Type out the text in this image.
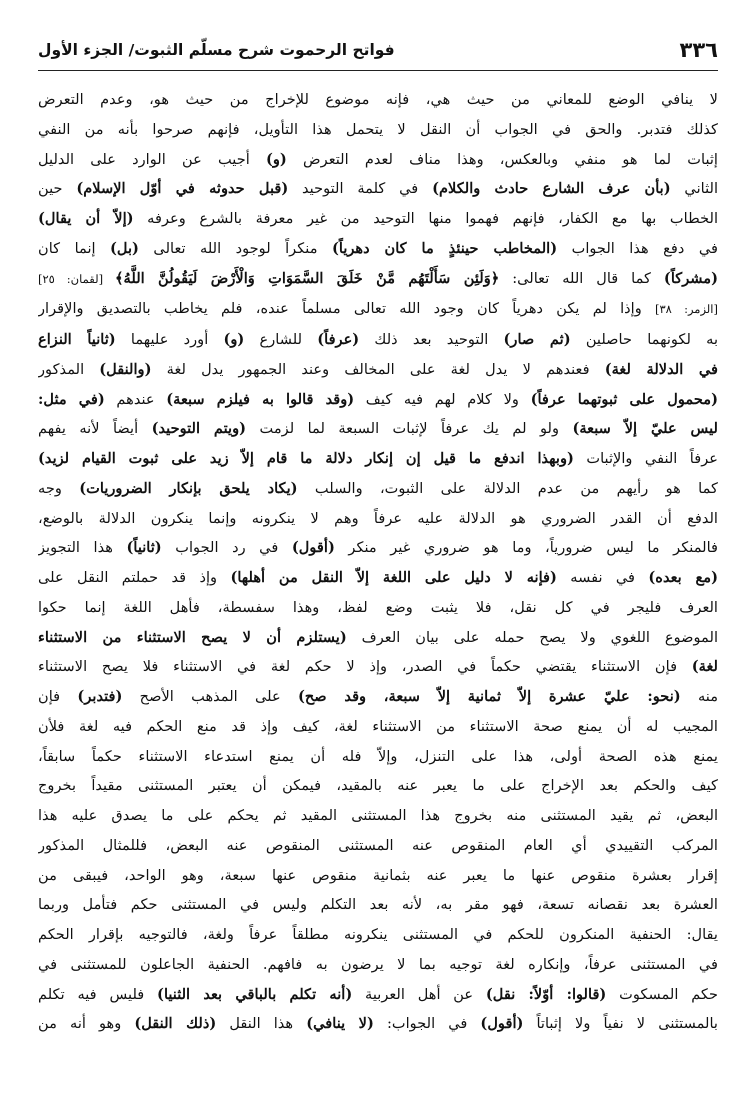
٣٣٦
فواتح الرحموت شرح مسلّم الثبوت/ الجزء الأول
لا ينافي الوضع للمعاني من حيث هي، فإنه موضوع للإخراج من حيث هو، وعدم التعرض
كذلك فتدبر. والحق في الجواب أن النقل لا يتحمل هذا التأويل، فإنهم صرحوا بأنه من النفي
إثبات لما هو منفي وبالعكس، وهذا مناف لعدم التعرض (و) أجيب عن الوارد على الدليل
الثاني (بأن عرف الشارع حادث والكلام) في كلمة التوحيد (قبل حدوثه في أوّل الإسلام) حين
الخطاب بها مع الكفار، فإنهم فهموا منها التوحيد من غير معرفة بالشرع وعرفه (إلاّ أن يقال)
في دفع هذا الجواب (المخاطب حينئذٍ ما كان دهرياً) منكراً لوجود الله تعالى (بل) إنما كان
(مشركاً) كما قال الله تعالى: ﴿وَلَئِن سَأَلْتَهُم مَّنْ خَلَقَ السَّمَوَاتِ وَالْأَرْضَ لَيَقُولُنَّ اللَّهُ﴾ [لقمان: ٢٥]
[الزمر: ٣٨] وإذا لم يكن دهرياً كان وجود الله تعالى مسلماً عنده، فلم يخاطب بالتصديق والإقرار
به لكونهما حاصلين (ثم صار) التوحيد بعد ذلك (عرفاً) للشارع (و) أورد عليهما (ثانياً النزاع
في الدلالة لغة) فعندهم لا يدل لغة على المخالف وعند الجمهور يدل لغة (والنقل) المذكور
(محمول على ثبوتهما عرفاً) ولا كلام لهم فيه كيف (وقد قالوا به فيلزم سبعة) عندهم (في مثل:
ليس عليّ إلاّ سبعة) ولو لم يك عرفاً لإثبات السبعة لما لزمت (ويتم التوحيد) أيضاً لأنه يفهم
عرفاً النفي والإثبات (وبهذا اندفع ما قيل إن إنكار دلالة ما قام إلاّ زيد على ثبوت القيام لزيد)
كما هو رأيهم من عدم الدلالة على الثبوت، والسلب (يكاد يلحق بإنكار الضروريات) وجه
الدفع أن القدر الضروري هو الدلالة عليه عرفاً وهم لا ينكرونه وإنما ينكرون الدلالة بالوضع،
فالمنكر ما ليس ضرورياً، وما هو ضروري غير منكر (أقول) في رد الجواب (ثانياً) هذا التجويز
(مع بعده) في نفسه (فإنه لا دليل على اللغة إلاّ النقل من أهلها) وإذ قد حملتم النقل على
العرف فليجر في كل نقل، فلا يثبت وضع لفظ، وهذا سفسطة، فأهل اللغة إنما حكوا
الموضوع اللغوي ولا يصح حمله على بيان العرف (يستلزم أن لا يصح الاستثناء من الاستثناء
لغة) فإن الاستثناء يقتضي حكماً في الصدر، وإذ لا حكم لغة في الاستثناء فلا يصح الاستثناء
منه (نحو: عليّ عشرة إلاّ ثمانية إلاّ سبعة، وقد صح) على المذهب الأصح (فتدبر) فإن
المجيب له أن يمنع صحة الاستثناء من الاستثناء لغة، كيف وإذ قد منع الحكم فيه لغة فلأن
يمنع هذه الصحة أولى، هذا على التنزل، وإلاّ فله أن يمنع استدعاء الاستثناء حكماً سابقاً،
كيف والحكم بعد الإخراج على ما يعبر عنه بالمقيد، فيمكن أن يعتبر المستثنى مقيداً بخروج
البعض، ثم يقيد المستثنى منه بخروج هذا المستثنى المقيد ثم يحكم على ما يصدق عليه هذا
المركب التقييدي أي العام المنقوص عنه المستثنى المنقوص عنه البعض، فللمثال المذكور
إقرار بعشرة منقوص عنها ما يعبر عنه بثمانية منقوص عنها سبعة، وهو الواحد، فيبقى من
العشرة بعد نقصانه تسعة، فهو مقر به، لأنه بعد التكلم وليس في المستثنى حكم فتأمل وربما
يقال: الحنفية المنكرون للحكم في المستثنى ينكرونه مطلقاً عرفاً ولغة، فالتوجيه بإقرار الحكم
في المستثنى عرفاً، وإنكاره لغة توجيه بما لا يرضون به فافهم. الحنفية الجاعلون للمستثنى في
حكم المسكوت (قالوا: أوّلاً: نقل) عن أهل العربية (أنه تكلم بالباقي بعد الثنيا) فليس فيه تكلم
بالمستثنى لا نفياً ولا إثباتاً (أقول) في الجواب: (لا ينافي) هذا النقل (ذلك النقل) وهو أنه من
